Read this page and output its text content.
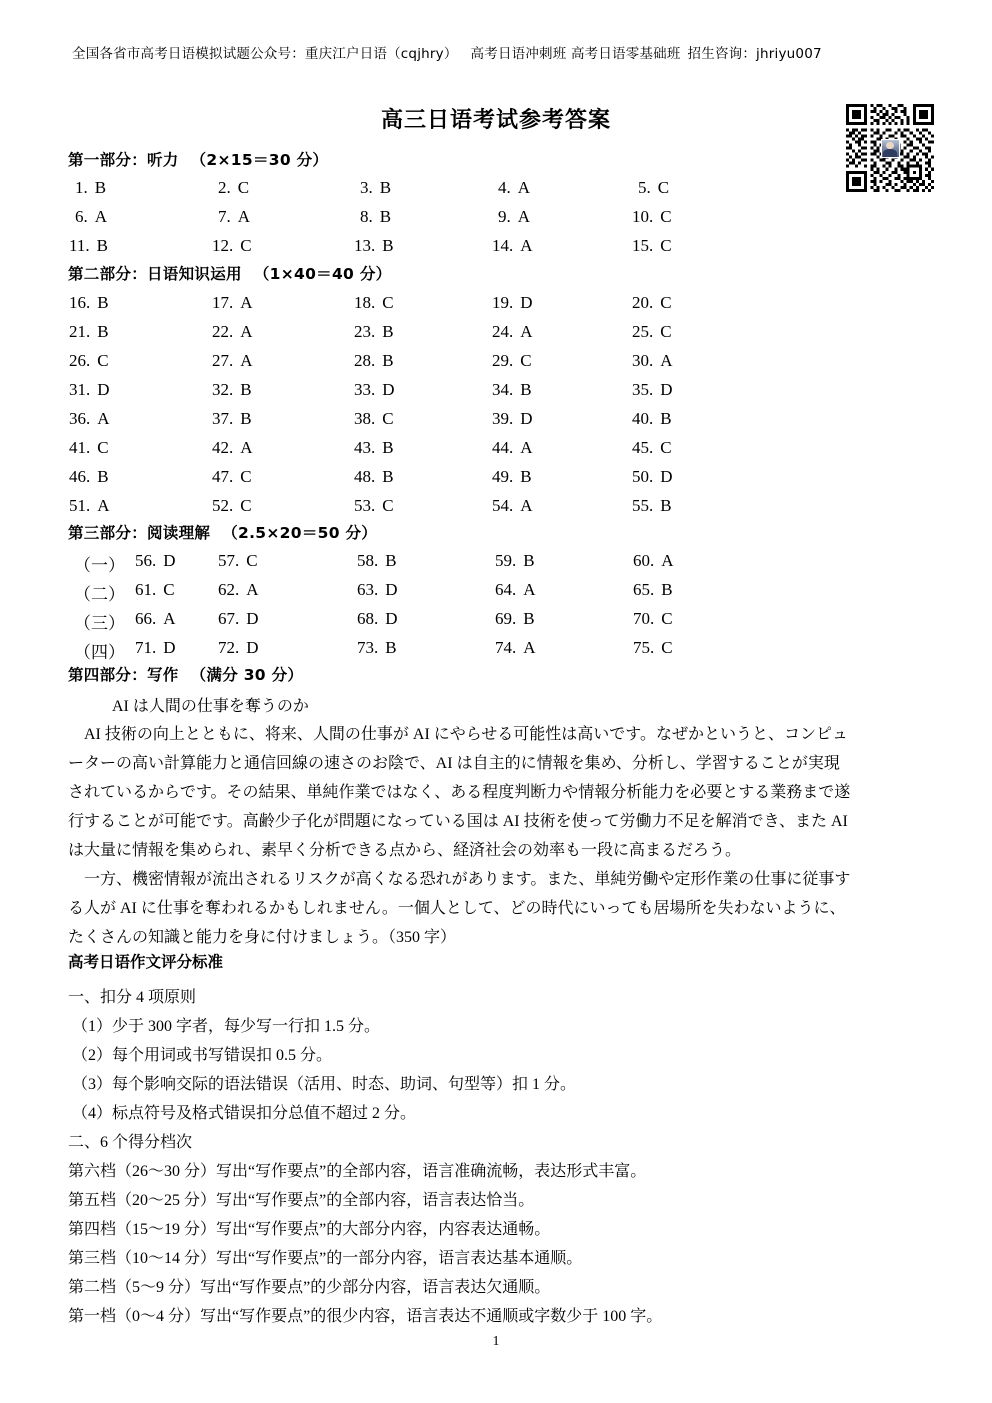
全国各省市高考日语模拟试题公众号：重庆江户日语（cqjhry） 高考日语冲刺班 高考日语零基础班 招生咨询：jhriyu007
高三日语考试参考答案
第一部分：听力 （2×15＝30 分）
1. B	2. C	3. B	4. A	5. C
6. A	7. A	8. B	9. A	10. C
11. B	12. C	13. B	14. A	15. C
第二部分：日语知识运用 （1×40＝40 分）
16. B	17. A	18. C	19. D	20. C
21. B	22. A	23. B	24. A	25. C
26. C	27. A	28. B	29. C	30. A
31. D	32. B	33. D	34. B	35. D
36. A	37. B	38. C	39. D	40. B
41. C	42. A	43. B	44. A	45. C
46. B	47. C	48. B	49. B	50. D
51. A	52. C	53. C	54. A	55. B
第三部分：阅读理解 （2.5×20＝50 分）
（一） 56. D 57. C	58. B	59. B	60. A
（二） 61. C	62. A	63. D	64. A	65. B
（三） 66. A 67. D	68. D	69. B	70. C
（四） 71. D 72. D	73. B	74. A	75. C
第四部分：写作 （满分 30 分）
AI は人間の仕事を奪うのか
　AI 技術の向上とともに、将来、人間の仕事が AI にやらせる可能性は高いです。なぜかというと、コンピュ
ーターの高い計算能力と通信回線の速さのお陰で、AI は自主的に情報を集め、分析し、学習することが実現
されているからです。その結果、単純作業ではなく、ある程度判断力や情報分析能力を必要とする業務まで遂
行することが可能です。高齢少子化が問題になっている国は AI 技術を使って労働力不足を解消でき、また AI
は大量に情報を集められ、素早く分析できる点から、経済社会の効率も一段に高まるだろう。
　一方、機密情報が流出されるリスクが高くなる恐れがあります。また、単純労働や定形作業の仕事に従事す
る人が AI に仕事を奪われるかもしれません。一個人として、どの時代にいっても居場所を失わないように、
たくさんの知識と能力を身に付けましょう。（350 字）
高考日语作文评分标准
一、扣分 4 项原则
（1）少于 300 字者，每少写一行扣 1.5 分。
（2）每个用词或书写错误扣 0.5 分。
（3）每个影响交际的语法错误（活用、时态、助词、句型等）扣 1 分。
（4）标点符号及格式错误扣分总值不超过 2 分。
二、6 个得分档次
第六档（26～30 分）写出“写作要点”的全部内容，语言准确流畅，表达形式丰富。
第五档（20～25 分）写出“写作要点”的全部内容，语言表达恰当。
第四档（15～19 分）写出“写作要点”的大部分内容，内容表达通畅。
第三档（10～14 分）写出“写作要点”的一部分内容，语言表达基本通顺。
第二档（5～9 分）写出“写作要点”的少部分内容，语言表达欠通顺。
第一档（0～4 分）写出“写作要点”的很少内容，语言表达不通顺或字数少于 100 字。
1
